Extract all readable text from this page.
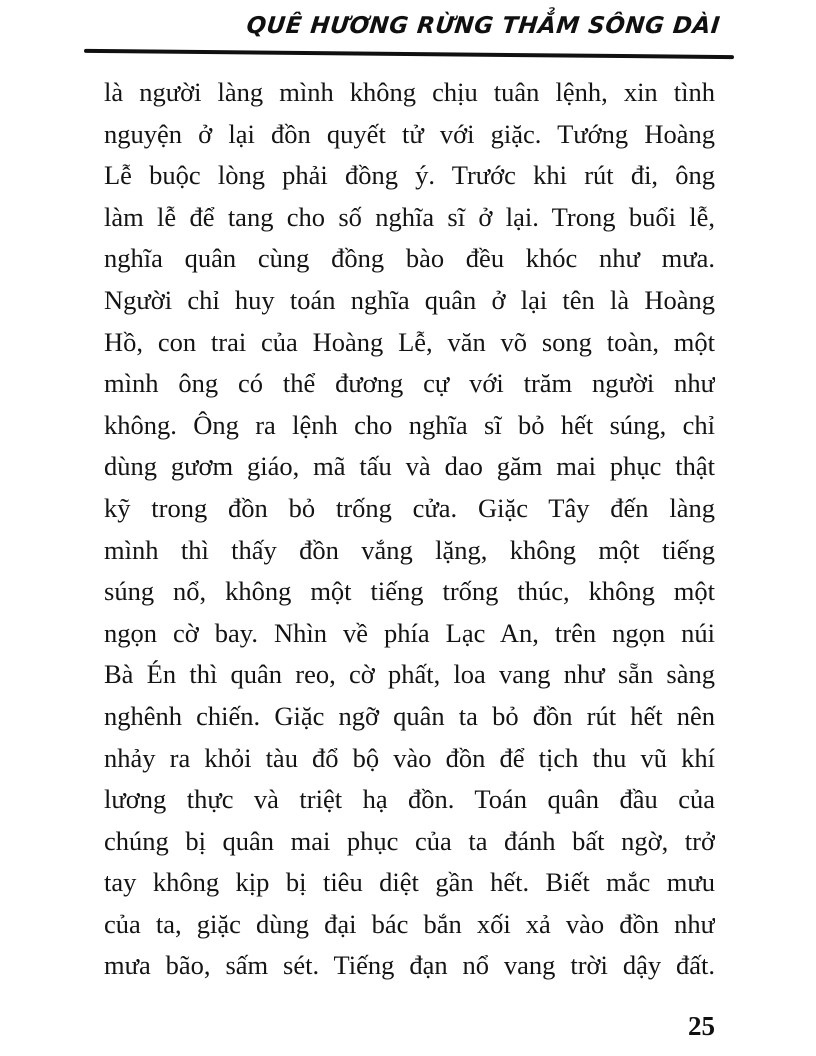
QUÊ HƯƠNG RỪNG THẲM SÔNG DÀI
là người làng mình không chịu tuân lệnh, xin tình
nguyện ở lại đồn quyết tử với giặc. Tướng Hoàng
Lễ buộc lòng phải đồng ý. Trước khi rút đi, ông
làm lễ để tang cho số nghĩa sĩ ở lại. Trong buổi lễ,
nghĩa quân cùng đồng bào đều khóc như mưa.
Người chỉ huy toán nghĩa quân ở lại tên là Hoàng
Hồ, con trai của Hoàng Lễ, văn võ song toàn, một
mình ông có thể đương cự với trăm người như
không. Ông ra lệnh cho nghĩa sĩ bỏ hết súng, chỉ
dùng gươm giáo, mã tấu và dao găm mai phục thật
kỹ trong đồn bỏ trống cửa. Giặc Tây đến làng
mình thì thấy đồn vắng lặng, không một tiếng
súng nổ, không một tiếng trống thúc, không một
ngọn cờ bay. Nhìn về phía Lạc An, trên ngọn núi
Bà Én thì quân reo, cờ phất, loa vang như sẵn sàng
nghênh chiến. Giặc ngỡ quân ta bỏ đồn rút hết nên
nhảy ra khỏi tàu đổ bộ vào đồn để tịch thu vũ khí
lương thực và triệt hạ đồn. Toán quân đầu của
chúng bị quân mai phục của ta đánh bất ngờ, trở
tay không kịp bị tiêu diệt gần hết. Biết mắc mưu
của ta, giặc dùng đại bác bắn xối xả vào đồn như
mưa bão, sấm sét. Tiếng đạn nổ vang trời dậy đất.
25
